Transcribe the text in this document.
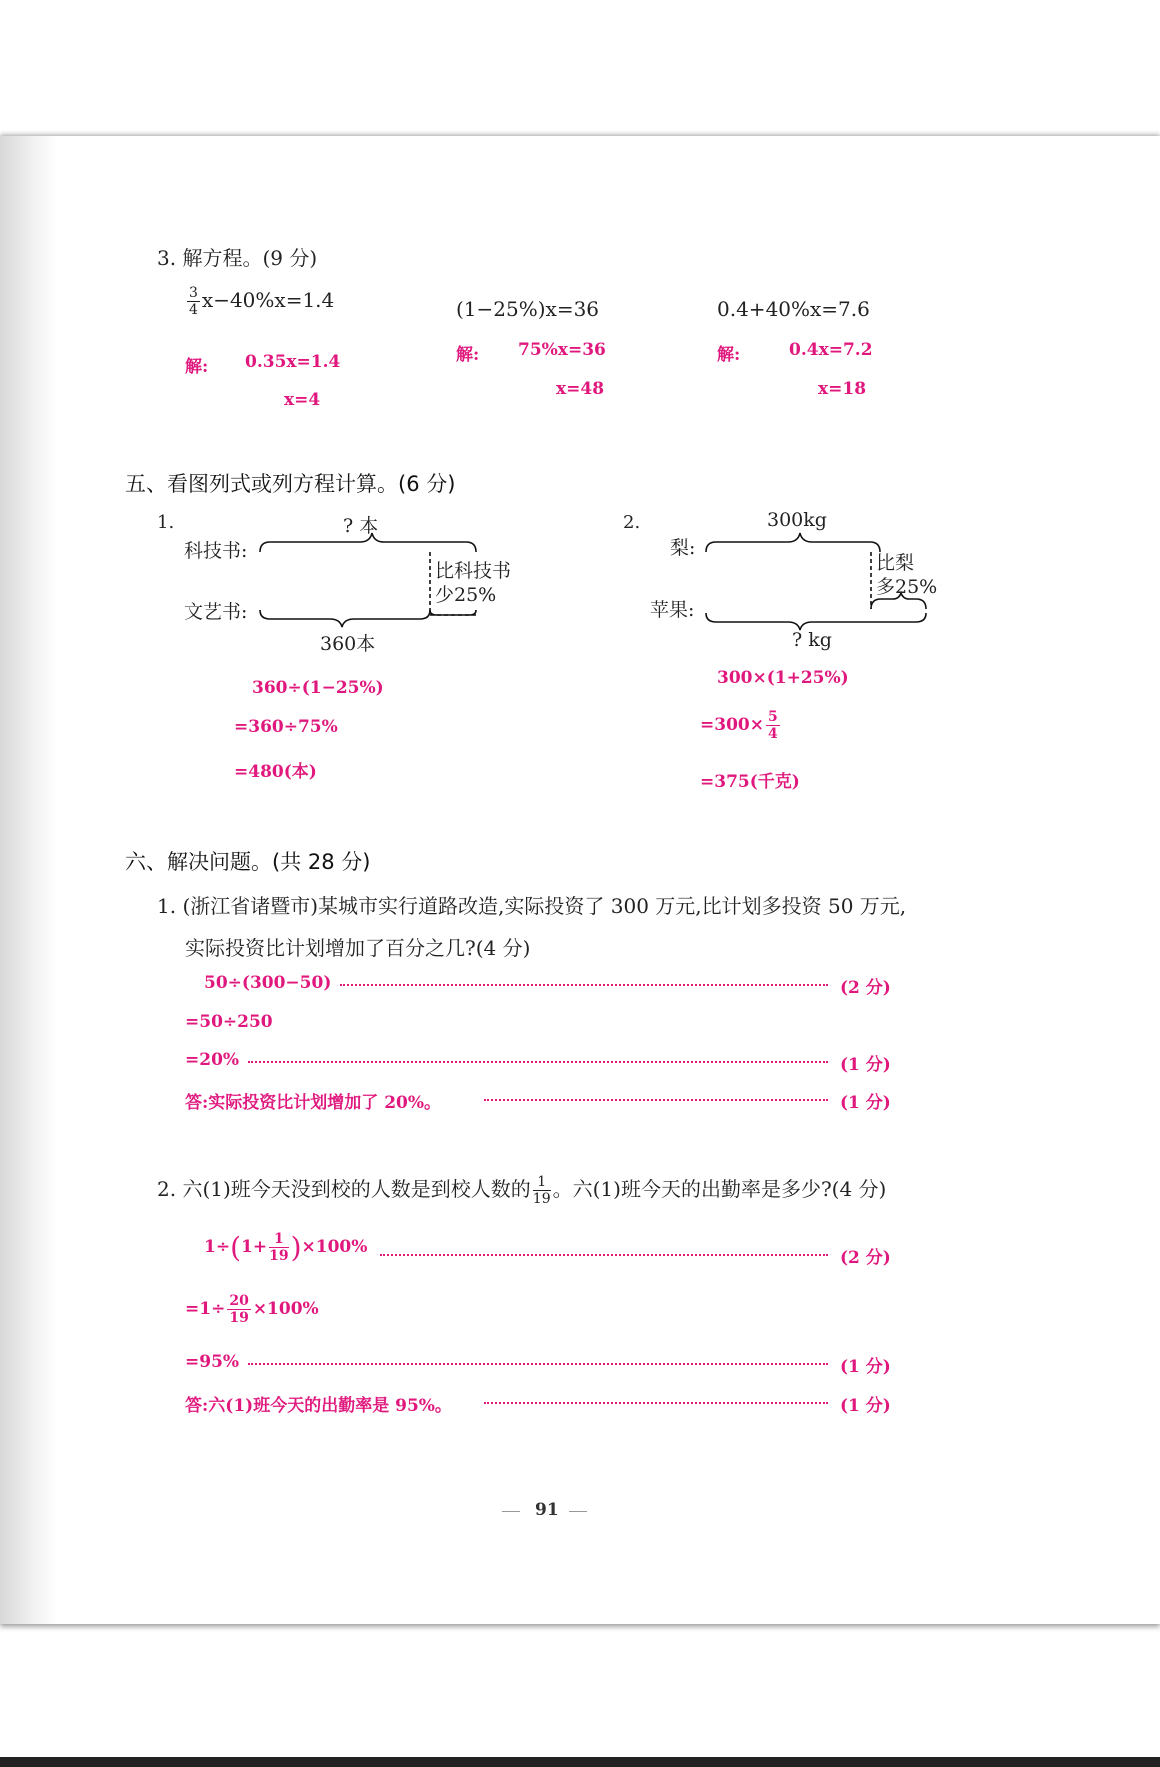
3. 解方程。(9 分)
$\frac{3}{4} x-40\%x=1.4$
解: 0.35x=1.4
x=4
(1−25%)x=36
解: 75%x=36
x=48
0.4+40%x=7.6
解:	0.4x=7.2
x=18
五、看图列式或列方程计算。(6 分)
1.	? 本
科技书:
文艺书:
比科技书
少25%
360本
360÷(1−25%)
=360÷75%
=480(本)
2.	300kg
梨:
苹果:
比梨
多25%
? kg
300×(1+25%)
$=300\times \frac{5}{4}$
=375(千克)
六、解决问题。(共 28 分)
1. (浙江省诸暨市)某城市实行道路改造,实际投资了 300 万元,比计划多投资 50 万元,
实际投资比计划增加了百分之几?(4 分)
50÷(300−50)	(2 分)
=50÷250
=20%	(1 分)
答:实际投资比计划增加了 20%。	(1 分)
2. 六(1)班今天没到校的人数是到校人数的 $\frac{1}{19}$ 。六(1)班今天的出勤率是多少?(4 分)
$1\div(1+ \frac{1}{19} )\times 100\%$
(2 分)
$=1\div \frac{20}{19} \times 100\%$
=95%	(1 分)
答:六(1)班今天的出勤率是 95%。	(1 分)
91
